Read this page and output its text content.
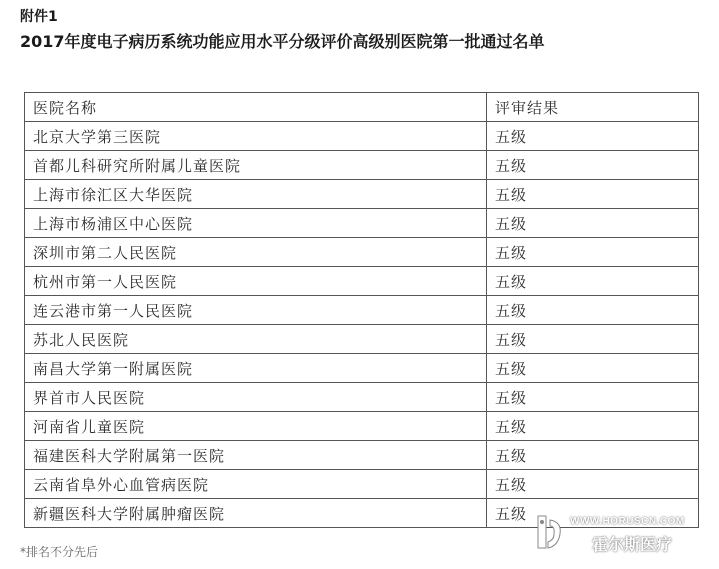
附件1
2017年度电子病历系统功能应用水平分级评价高级别医院第一批通过名单
医院名称	评审结果
北京大学第三医院	五级
首都儿科研究所附属儿童医院	五级
上海市徐汇区大华医院	五级
上海市杨浦区中心医院	五级
深圳市第二人民医院	五级
杭州市第一人民医院	五级
连云港市第一人民医院	五级
苏北人民医院	五级
南昌大学第一附属医院	五级
界首市人民医院	五级
河南省儿童医院	五级
福建医科大学附属第一医院	五级
云南省阜外心血管病医院	五级
新疆医科大学附属肿瘤医院	五级
*排名不分先后
WWW.HORUSCN.COM
霍尔斯医疗
